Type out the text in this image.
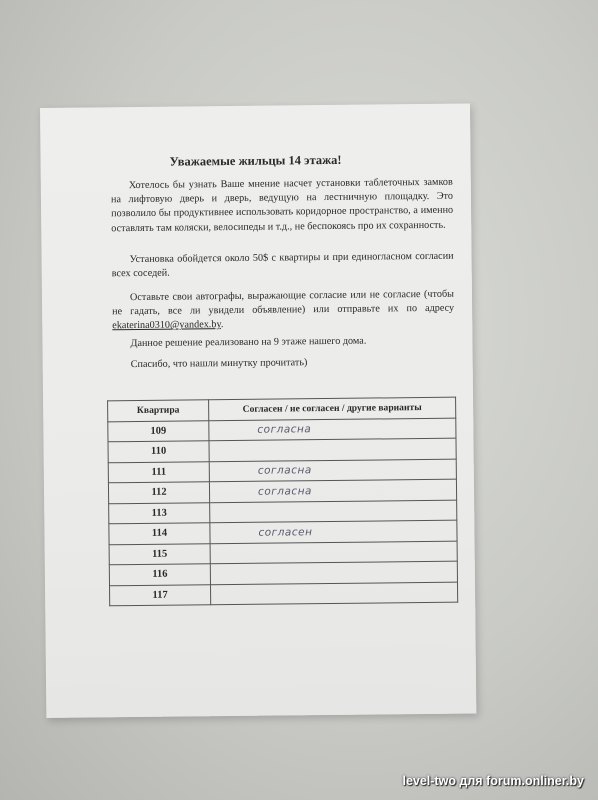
Уважаемые жильцы 14 этажа!
Хотелось бы узнать Ваше мнение насчет установки таблеточных замков на лифтовую дверь и дверь, ведущую на лестничную площадку. Это позволило бы продуктивнее использовать коридорное пространство, а именно оставлять там коляски, велосипеды и т.д., не беспокоясь про их сохранность.
Установка обойдется около 50$ с квартиры и при единогласном согласии всех соседей.
Оставьте свои автографы, выражающие согласие или не согласие (чтобы не гадать, все ли увидели объявление) или отправьте их по адресу ekaterina0310@yandex.by.
Данное решение реализовано на 9 этаже нашего дома.
Спасибо, что нашли минутку прочитать)
Квартира	Согласен / не согласен / другие варианты
109	согласна
110	
111	согласна
112	согласна
113	
114	согласен
115	
116	
117	
level-two для forum.onliner.by
